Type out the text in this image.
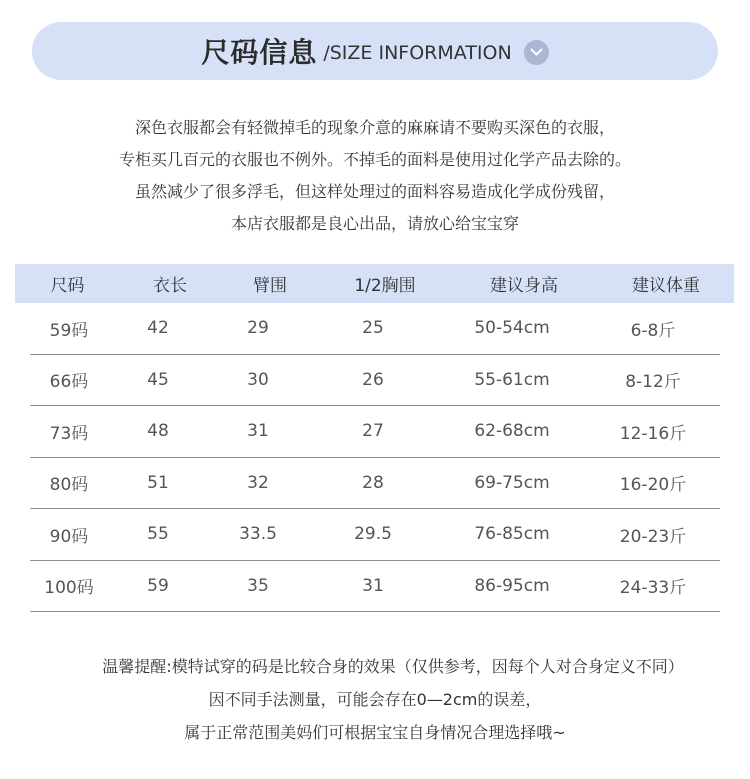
尺码信息 /SIZE INFORMATION
深色衣服都会有轻微掉毛的现象介意的麻麻请不要购买深色的衣服，
专柜买几百元的衣服也不例外。不掉毛的面料是使用过化学产品去除的。
虽然减少了很多浮毛，但这样处理过的面料容易造成化学成份残留，
本店衣服都是良心出品，请放心给宝宝穿
尺码	衣长	臂围	1/2胸围	建议身高	建议体重
59码	42	29	25	50-54cm	6-8斤
66码	45	30	26	55-61cm	8-12斤
73码	48	31	27	62-68cm	12-16斤
80码	51	32	28	69-75cm	16-20斤
90码	55	33.5	29.5	76-85cm	20-23斤
100码	59	35	31	86-95cm	24-33斤
温馨提醒:模特试穿的码是比较合身的效果（仅供参考，因每个人对合身定义不同）
因不同手法测量，可能会存在0—2cm的误差，
属于正常范围美妈们可根据宝宝自身情况合理选择哦~
